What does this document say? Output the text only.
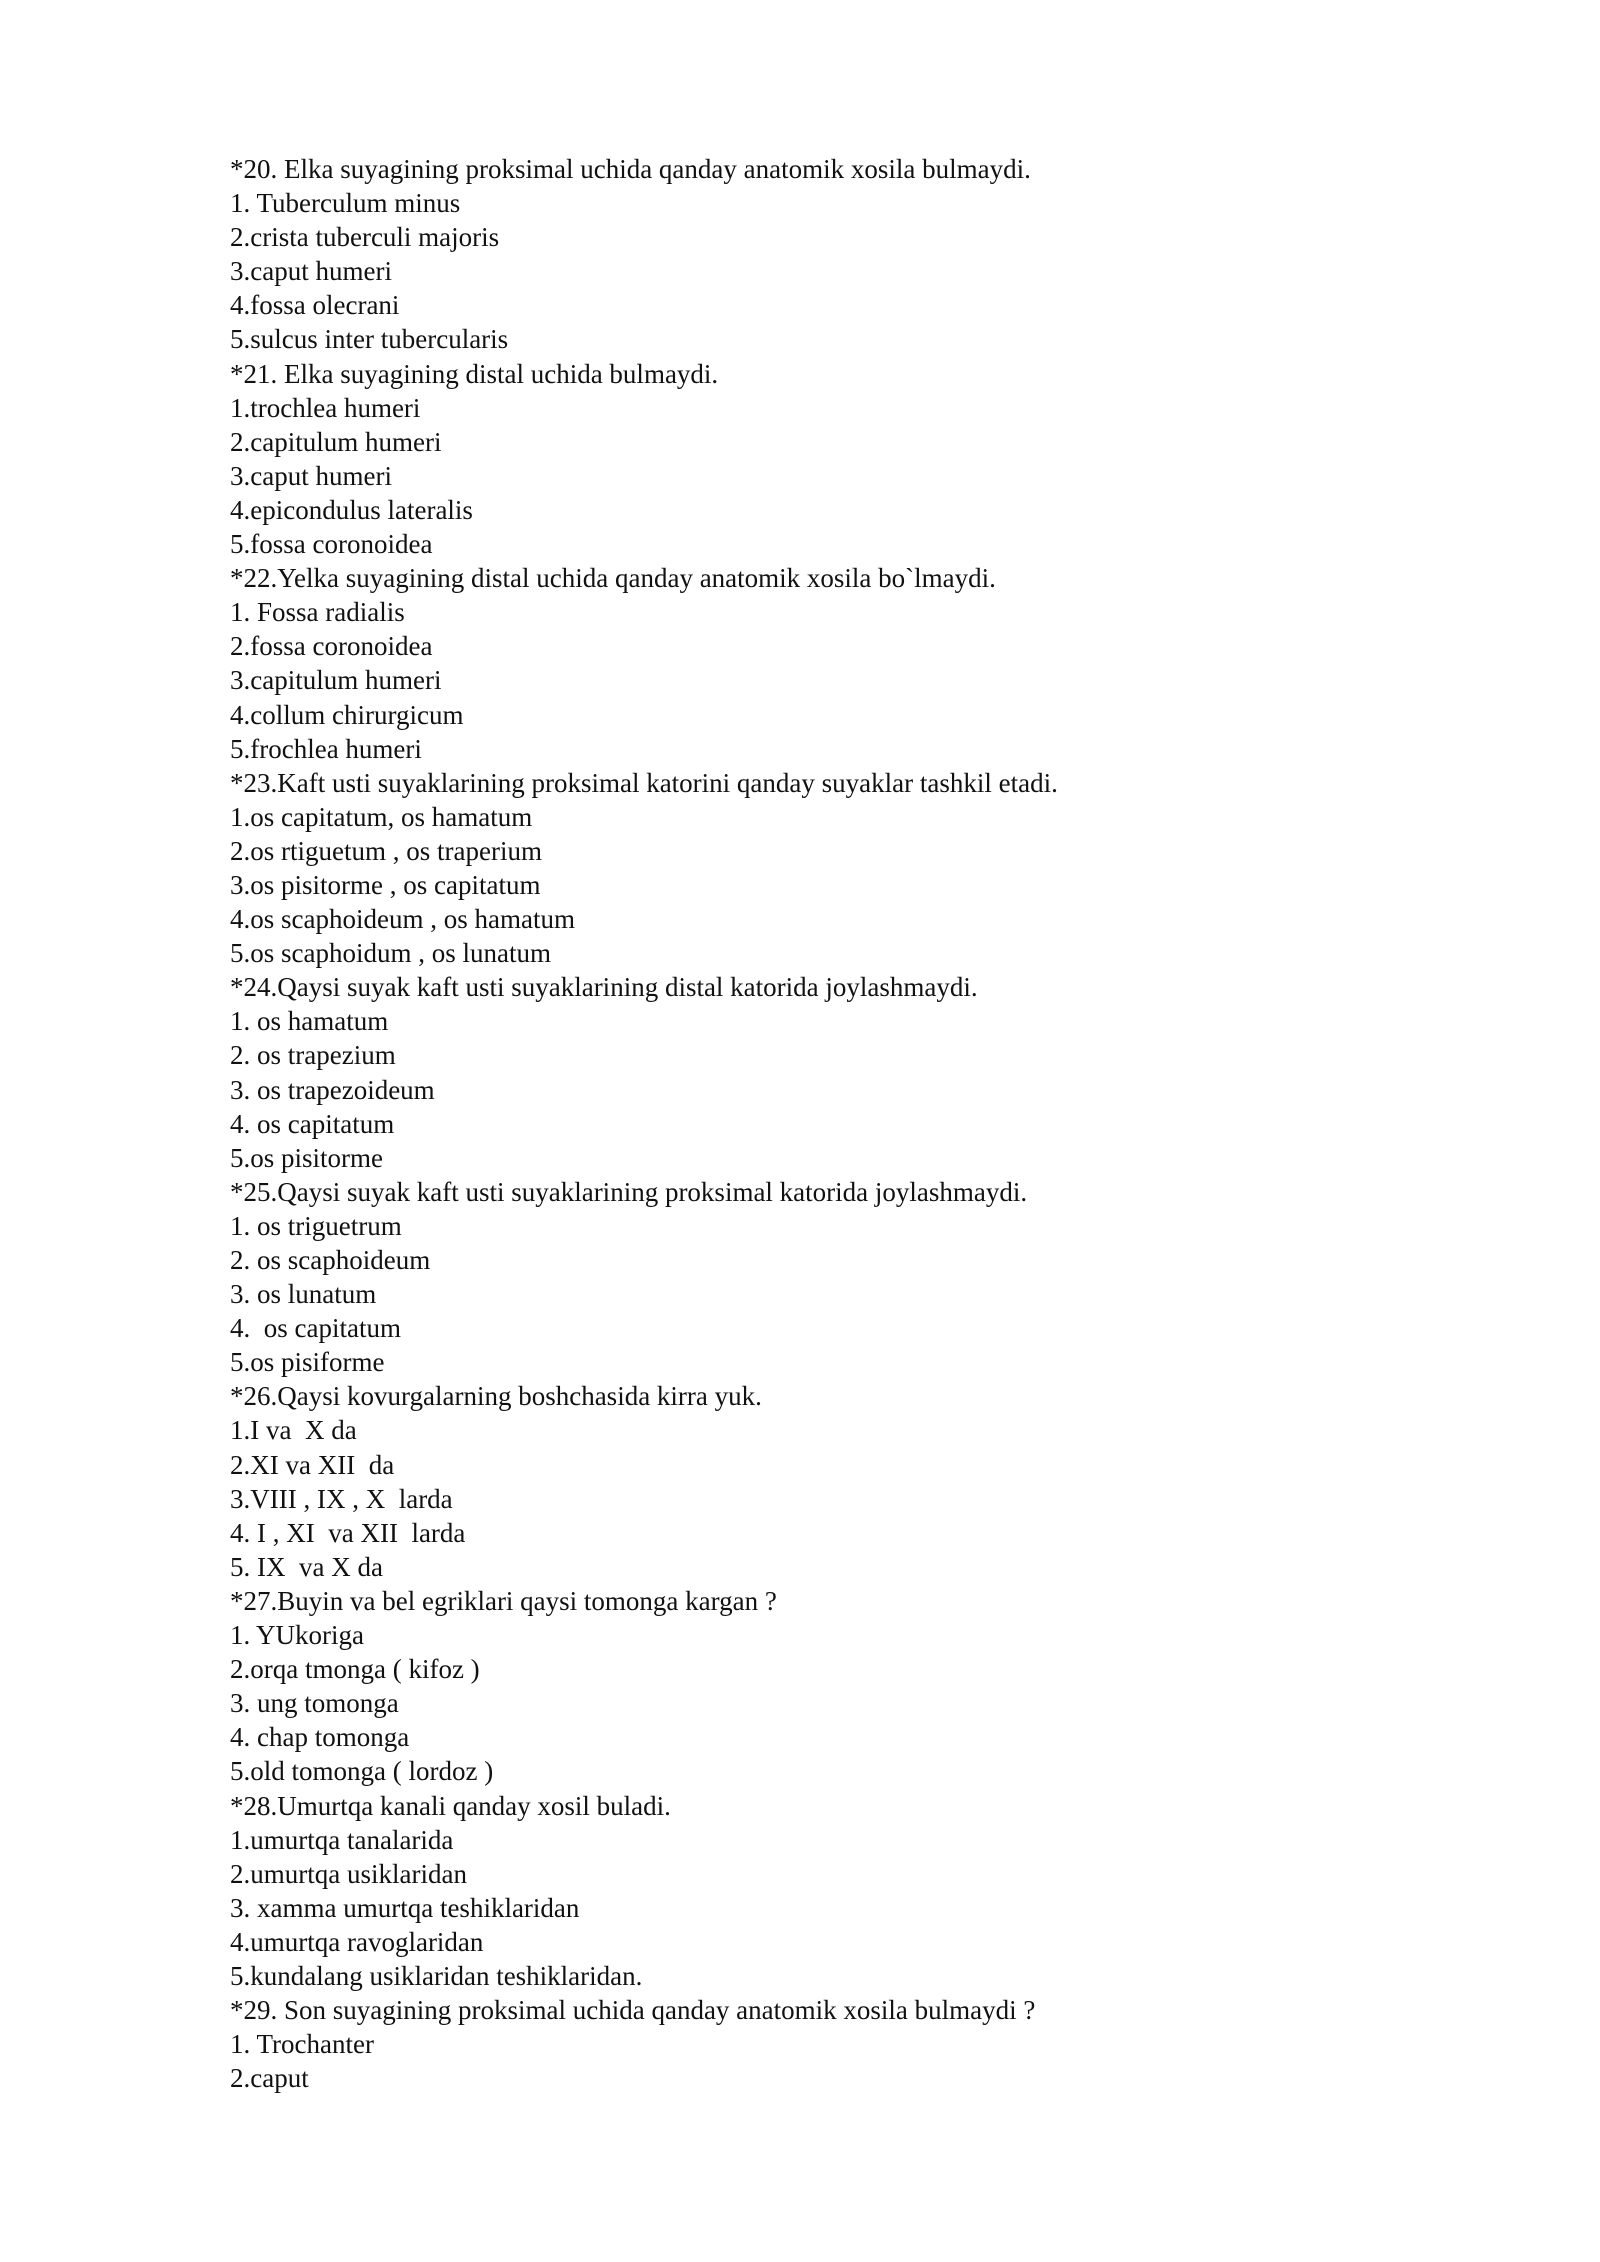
*20. Elka suyagining proksimal uchida qanday anatomik xosila bulmaydi.
1. Tuberculum minus
2.crista tuberculi majoris
3.caput humeri
4.fossa olecrani
5.sulcus inter tubercularis
*21. Elka suyagining distal uchida bulmaydi.
1.trochlea humeri
2.capitulum humeri
3.caput humeri
4.epicondulus lateralis
5.fossa coronoidea
*22.Yelka suyagining distal uchida qanday anatomik xosila bo`lmaydi.
1. Fossa radialis
2.fossa coronoidea
3.capitulum humeri
4.collum chirurgicum
5.frochlea humeri
*23.Kaft usti suyaklarining proksimal katorini qanday suyaklar tashkil etadi.
1.os capitatum, os hamatum
2.os rtiguetum , os traperium
3.os pisitorme , os capitatum
4.os scaphoideum , os hamatum
5.os scaphoidum , os lunatum
*24.Qaysi suyak kaft usti suyaklarining distal katorida joylashmaydi.
1. os hamatum
2. os trapezium
3. os trapezoideum
4. os capitatum
5.os pisitorme
*25.Qaysi suyak kaft usti suyaklarining proksimal katorida joylashmaydi.
1. os triguetrum
2. os scaphoideum
3. os lunatum
4.  os capitatum
5.os pisiforme
*26.Qaysi kovurgalarning boshchasida kirra yuk.
1.I va  X da
2.XI va XII  da
3.VIII , IX , X  larda
4. I , XI  va XII  larda
5. IX  va X da
*27.Buyin va bel egriklari qaysi tomonga kargan ?
1. YUkoriga
2.orqa tmonga ( kifoz )
3. ung tomonga
4. chap tomonga
5.old tomonga ( lordoz )
*28.Umurtqa kanali qanday xosil buladi.
1.umurtqa tanalarida
2.umurtqa usiklaridan
3. xamma umurtqa teshiklaridan
4.umurtqa ravoglaridan
5.kundalang usiklaridan teshiklaridan.
*29. Son suyagining proksimal uchida qanday anatomik xosila bulmaydi ?
1. Trochanter
2.caput
